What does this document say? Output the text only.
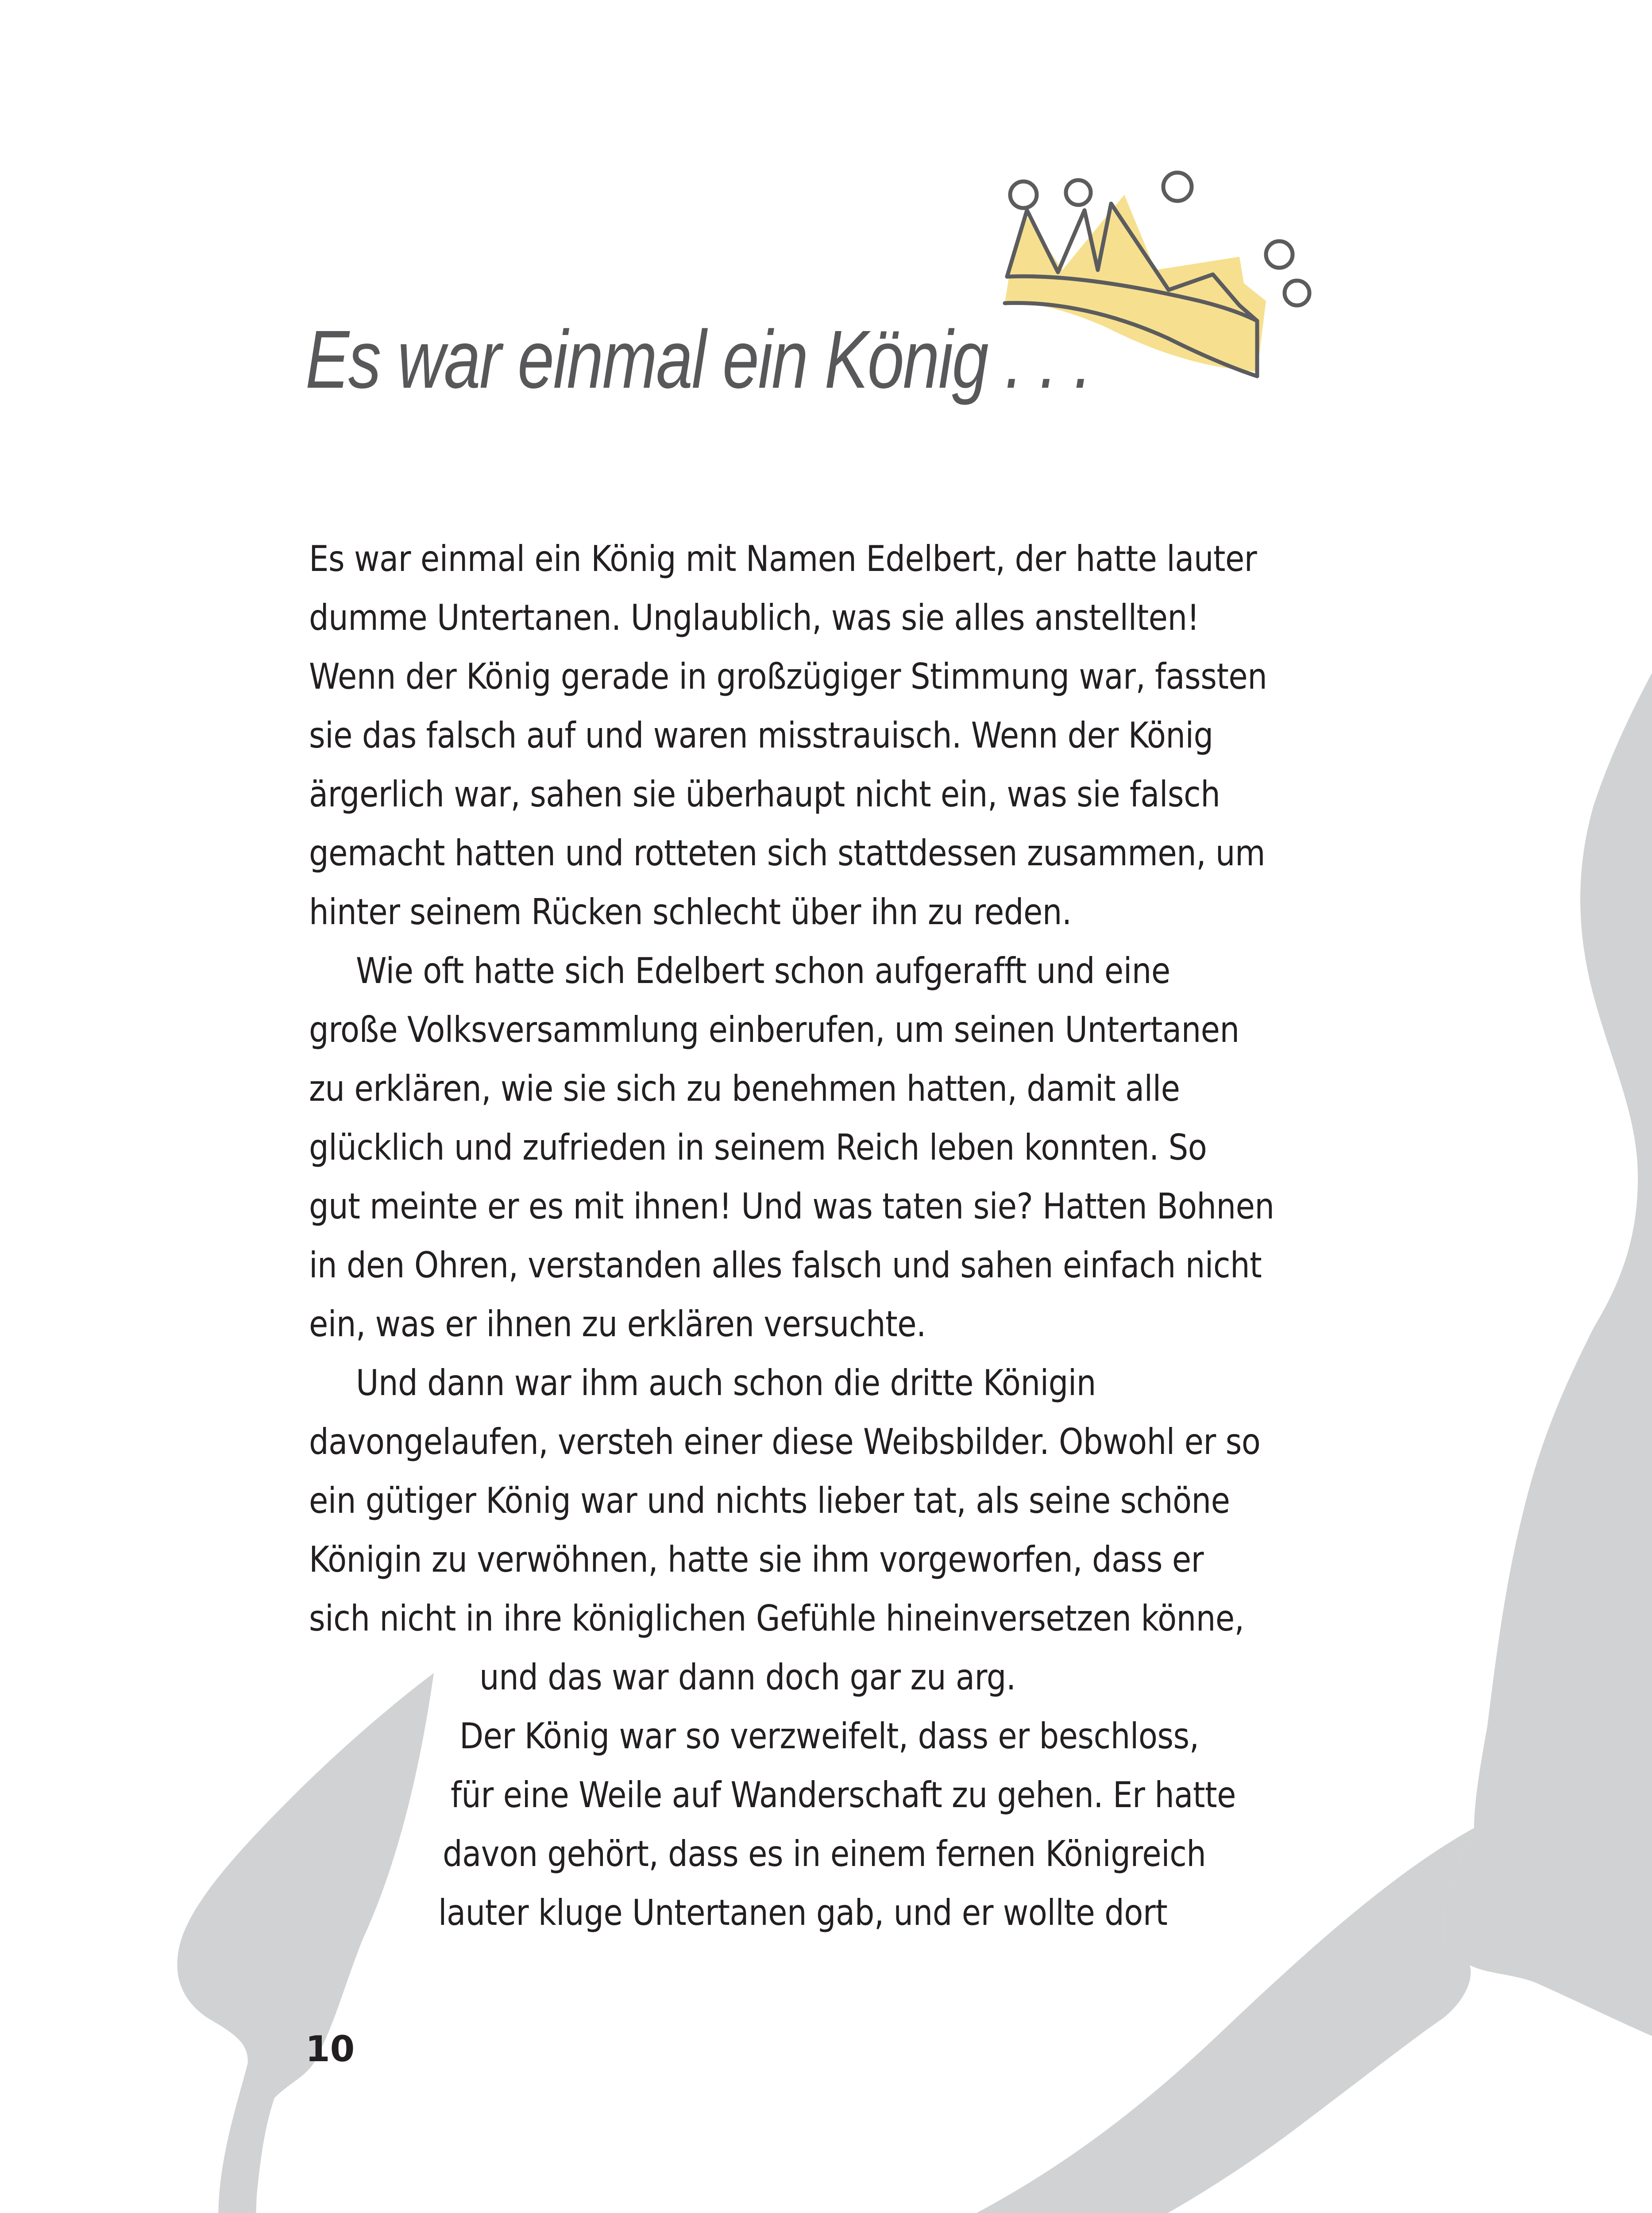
Es war einmal ein König . . .
Es war einmal ein König mit Namen Edelbert, der hatte lauter
dumme Untertanen. Unglaublich, was sie alles anstellten!
Wenn der König gerade in großzügiger Stimmung war, fassten
sie das falsch auf und waren misstrauisch. Wenn der König
ärgerlich war, sahen sie überhaupt nicht ein, was sie falsch
gemacht hatten und rotteten sich stattdessen zusammen, um
hinter seinem Rücken schlecht über ihn zu reden.
Wie oft hatte sich Edelbert schon aufgerafft und eine
große Volksversammlung einberufen, um seinen Untertanen
zu erklären, wie sie sich zu benehmen hatten, damit alle
glücklich und zufrieden in seinem Reich leben konnten. So
gut meinte er es mit ihnen! Und was taten sie? Hatten Bohnen
in den Ohren, verstanden alles falsch und sahen einfach nicht
ein, was er ihnen zu erklären versuchte.
Und dann war ihm auch schon die dritte Königin
davongelaufen, versteh einer diese Weibsbilder. Obwohl er so
ein gütiger König war und nichts lieber tat, als seine schöne
Königin zu verwöhnen, hatte sie ihm vorgeworfen, dass er
sich nicht in ihre königlichen Gefühle hineinversetzen könne,
und das war dann doch gar zu arg.
Der König war so verzweifelt, dass er beschloss,
für eine Weile auf Wanderschaft zu gehen. Er hatte
davon gehört, dass es in einem fernen Königreich
lauter kluge Untertanen gab, und er wollte dort
10
